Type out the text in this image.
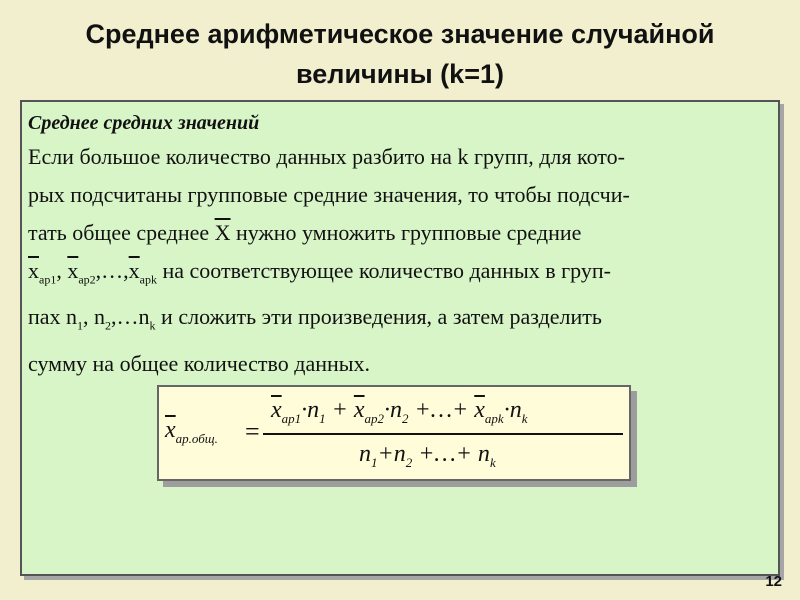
Среднее арифметическое значение случайной
величины (k=1)
Среднее средних значений
Если большое количество данных разбито на k групп, для кото-
рых подсчитаны групповые средние значения, то чтобы подсчи-
тать общее среднее $\overline{X}$ нужно умножить групповые средние
$\overline{x}_{ap1}$, $\overline{x}_{ap2},\dots,\overline{x}_{apk}$ на соответствующее количество данных в груп-
пах $n_1$, $n_2,\dots n_k$ и сложить эти произведения, а затем разделить
сумму на общее количество данных.
$\overline{x}_{ар.общ.}$ =
$\overline{x}_{ap1}\cdot n_1 + \overline{x}_{ap2}\cdot n_2$ +…+ $\overline{x}_{apk}\cdot n_k$
$n_1+n_2$ +…+ $n_k$
12
